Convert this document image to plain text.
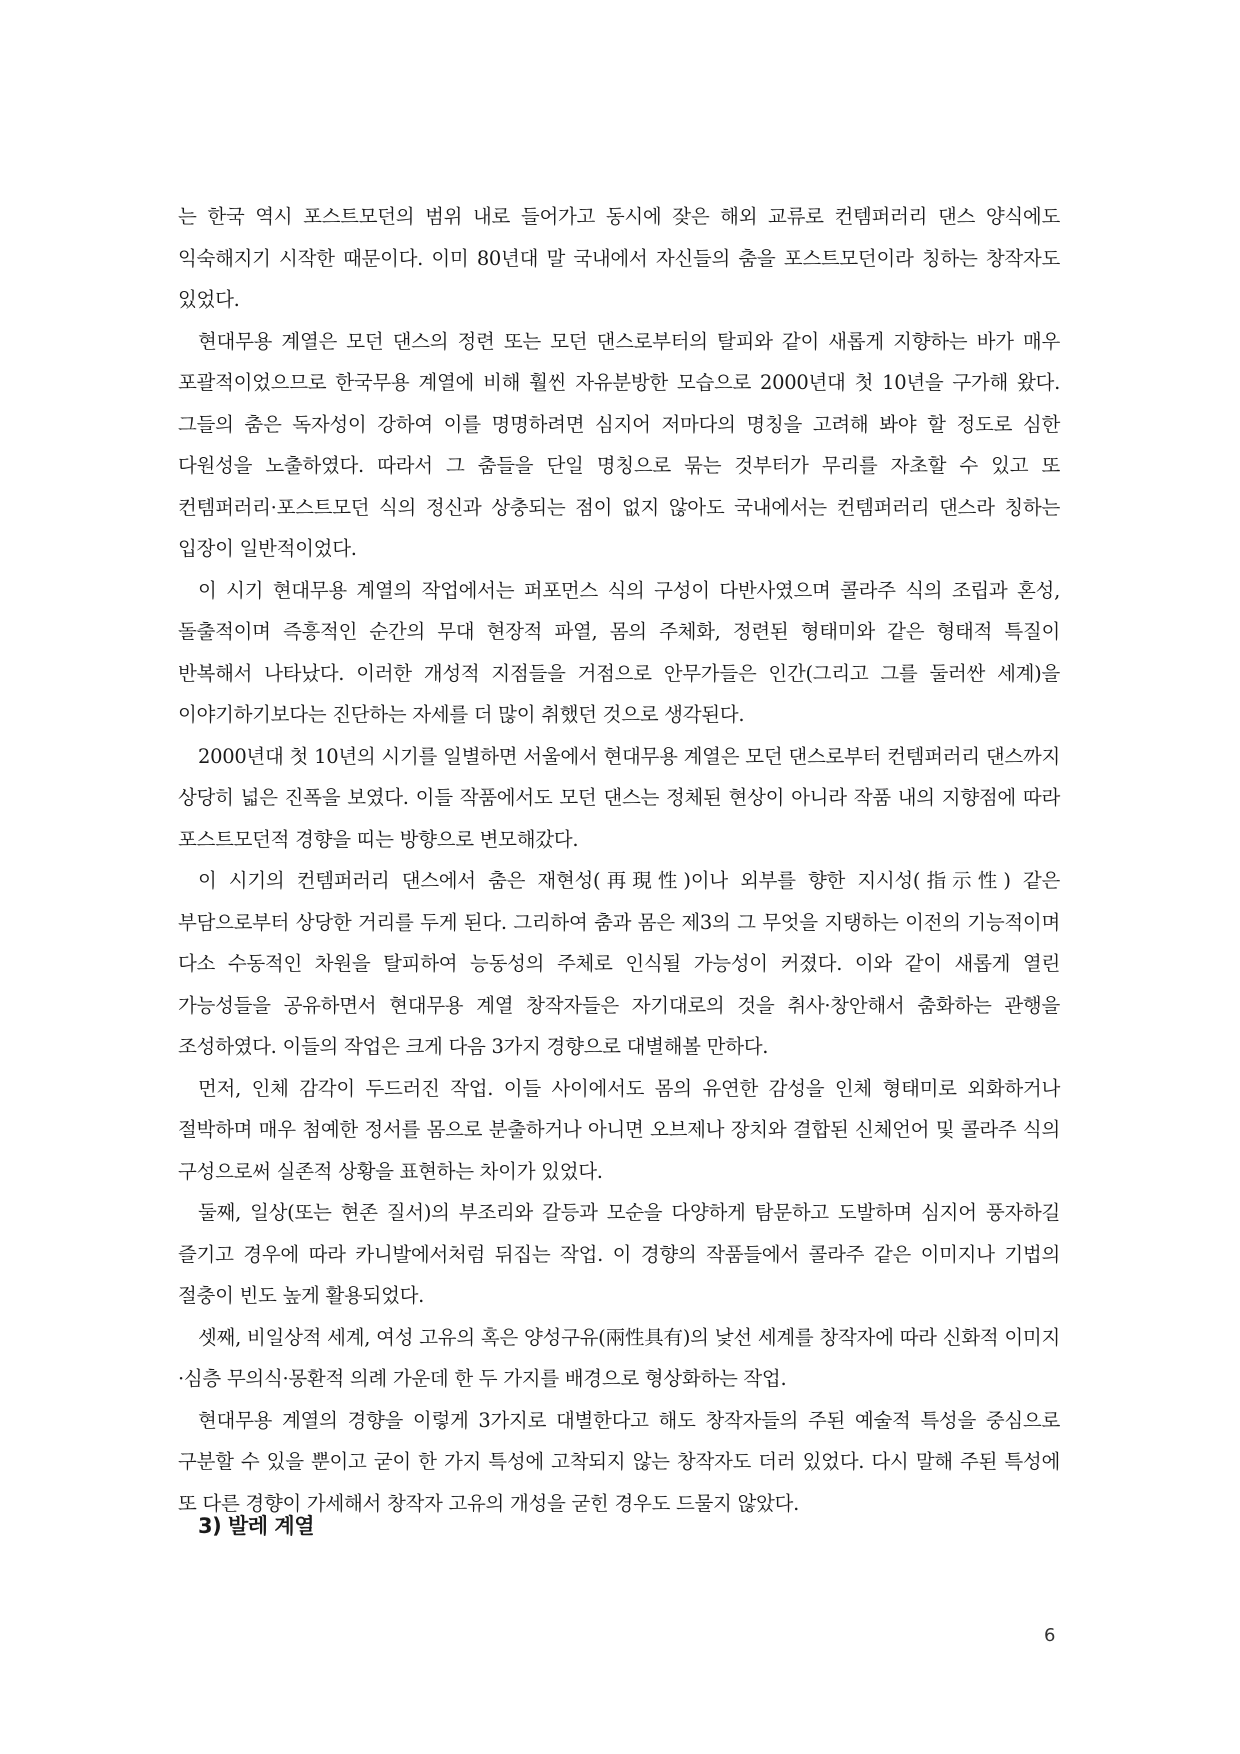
는 한국 역시 포스트모던의 범위 내로 들어가고 동시에 잦은 해외 교류로 컨템퍼러리 댄스 양식에도 익숙해지기 시작한 때문이다. 이미 80년대 말 국내에서 자신들의 춤을 포스트모던이라 칭하는 창작자도 있었다.

현대무용 계열은 모던 댄스의 정련 또는 모던 댄스로부터의 탈피와 같이 새롭게 지향하는 바가 매우 포괄적이었으므로 한국무용 계열에 비해 훨씬 자유분방한 모습으로 2000년대 첫 10년을 구가해 왔다. 그들의 춤은 독자성이 강하여 이를 명명하려면 심지어 저마다의 명칭을 고려해 봐야 할 정도로 심한 다원성을 노출하였다. 따라서 그 춤들을 단일 명칭으로 묶는 것부터가 무리를 자초할 수 있고 또 컨템퍼러리·포스트모던 식의 정신과 상충되는 점이 없지 않아도 국내에서는 컨템퍼러리 댄스라 칭하는 입장이 일반적이었다.

이 시기 현대무용 계열의 작업에서는 퍼포먼스 식의 구성이 다반사였으며 콜라주 식의 조립과 혼성, 돌출적이며 즉흥적인 순간의 무대 현장적 파열, 몸의 주체화, 정련된 형태미와 같은 형태적 특질이 반복해서 나타났다. 이러한 개성적 지점들을 거점으로 안무가들은 인간(그리고 그를 둘러싼 세계)을 이야기하기보다는 진단하는 자세를 더 많이 취했던 것으로 생각된다.

2000년대 첫 10년의 시기를 일별하면 서울에서 현대무용 계열은 모던 댄스로부터 컨템퍼러리 댄스까지 상당히 넓은 진폭을 보였다. 이들 작품에서도 모던 댄스는 정체된 현상이 아니라 작품 내의 지향점에 따라 포스트모던적 경향을 띠는 방향으로 변모해갔다.

이 시기의 컨템퍼러리 댄스에서 춤은 재현성(再現性)이나 외부를 향한 지시성(指示性) 같은 부담으로부터 상당한 거리를 두게 된다. 그리하여 춤과 몸은 제3의 그 무엇을 지탱하는 이전의 기능적이며 다소 수동적인 차원을 탈피하여 능동성의 주체로 인식될 가능성이 커졌다. 이와 같이 새롭게 열린 가능성들을 공유하면서 현대무용 계열 창작자들은 자기대로의 것을 취사·창안해서 춤화하는 관행을 조성하였다. 이들의 작업은 크게 다음 3가지 경향으로 대별해볼 만하다.

먼저, 인체 감각이 두드러진 작업. 이들 사이에서도 몸의 유연한 감성을 인체 형태미로 외화하거나 절박하며 매우 첨예한 정서를 몸으로 분출하거나 아니면 오브제나 장치와 결합된 신체언어 및 콜라주 식의 구성으로써 실존적 상황을 표현하는 차이가 있었다.

둘째, 일상(또는 현존 질서)의 부조리와 갈등과 모순을 다양하게 탐문하고 도발하며 심지어 풍자하길 즐기고 경우에 따라 카니발에서처럼 뒤집는 작업. 이 경향의 작품들에서 콜라주 같은 이미지나 기법의 절충이 빈도 높게 활용되었다.

셋째, 비일상적 세계, 여성 고유의 혹은 양성구유(兩性具有)의 낯선 세계를 창작자에 따라 신화적 이미지·심층 무의식·몽환적 의례 가운데 한 두 가지를 배경으로 형상화하는 작업.

현대무용 계열의 경향을 이렇게 3가지로 대별한다고 해도 창작자들의 주된 예술적 특성을 중심으로 구분할 수 있을 뿐이고 굳이 한 가지 특성에 고착되지 않는 창작자도 더러 있었다. 다시 말해 주된 특성에 또 다른 경향이 가세해서 창작자 고유의 개성을 굳힌 경우도 드물지 않았다.

3) 발레 계열
6
